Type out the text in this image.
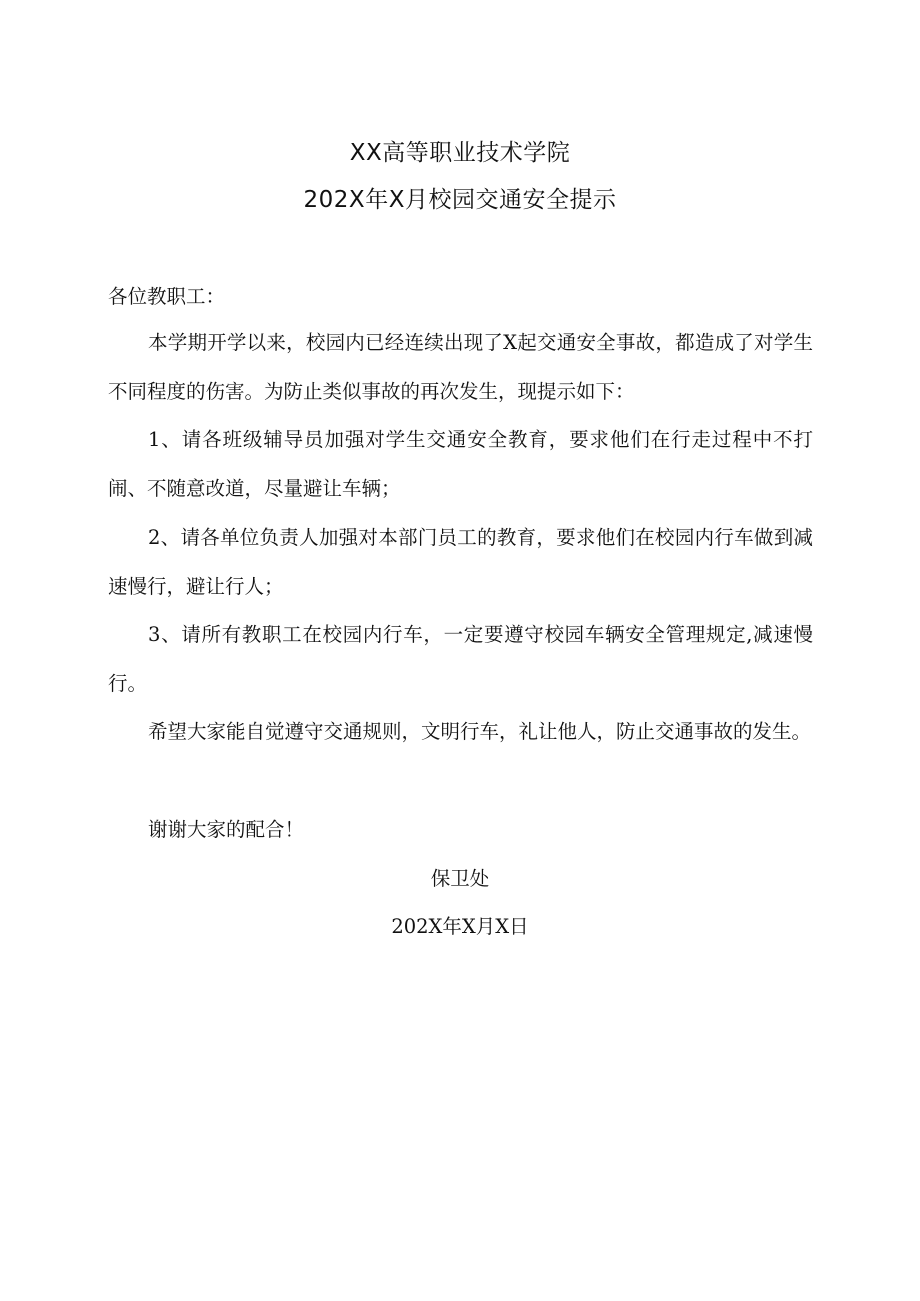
XX高等职业技术学院
202X年X月校园交通安全提示
各位教职工：
本学期开学以来，校园内已经连续出现了X起交通安全事故，都造成了对学生不同程度的伤害。为防止类似事故的再次发生，现提示如下：
1、请各班级辅导员加强对学生交通安全教育，要求他们在行走过程中不打闹、不随意改道，尽量避让车辆；
2、请各单位负责人加强对本部门员工的教育，要求他们在校园内行车做到减速慢行，避让行人；
3、请所有教职工在校园内行车，一定要遵守校园车辆安全管理规定,减速慢行。
希望大家能自觉遵守交通规则，文明行车，礼让他人，防止交通事故的发生。
谢谢大家的配合！
保卫处
202X年X月X日
